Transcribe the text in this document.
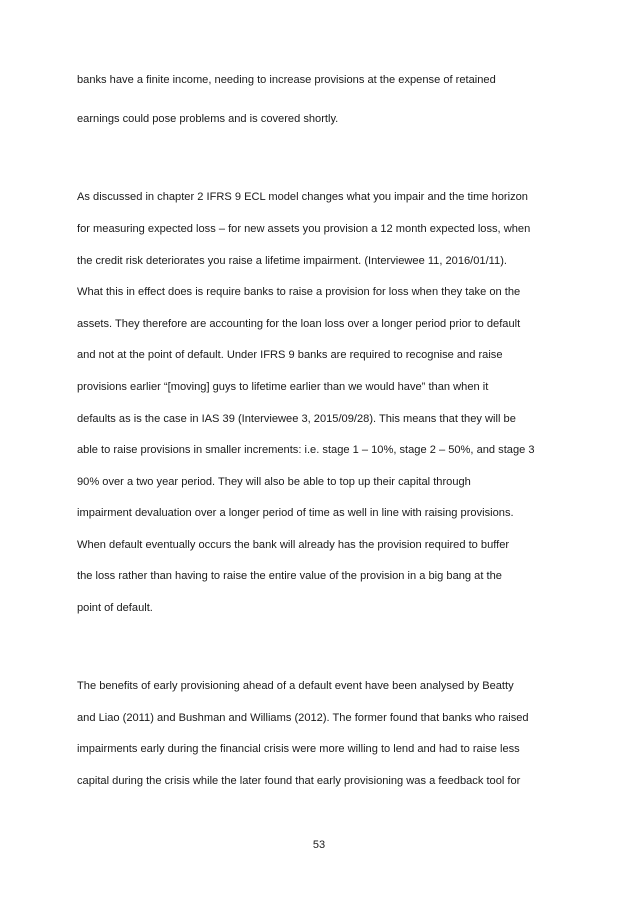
banks have a finite income, needing to increase provisions at the expense of retained
earnings could pose problems and is covered shortly.
As discussed in chapter 2 IFRS 9 ECL model changes what you impair and the time horizon
for measuring expected loss – for new assets you provision a 12 month expected loss, when
the credit risk deteriorates you raise a lifetime impairment. (Interviewee 11, 2016/01/11).
What this in effect does is require banks to raise a provision for loss when they take on the
assets. They therefore are accounting for the loan loss over a longer period prior to default
and not at the point of default. Under IFRS 9 banks are required to recognise and raise
provisions earlier “[moving] guys to lifetime earlier than we would have” than when it
defaults as is the case in IAS 39 (Interviewee 3, 2015/09/28). This means that they will be
able to raise provisions in smaller increments: i.e. stage 1 – 10%, stage 2 – 50%, and stage 3
90% over a two year period. They will also be able to top up their capital through
impairment devaluation over a longer period of time as well in line with raising provisions.
When default eventually occurs the bank will already has the provision required to buffer
the loss rather than having to raise the entire value of the provision in a big bang at the
point of default.
The benefits of early provisioning ahead of a default event have been analysed by Beatty
and Liao (2011) and Bushman and Williams (2012). The former found that banks who raised
impairments early during the financial crisis were more willing to lend and had to raise less
capital during the crisis while the later found that early provisioning was a feedback tool for
53
